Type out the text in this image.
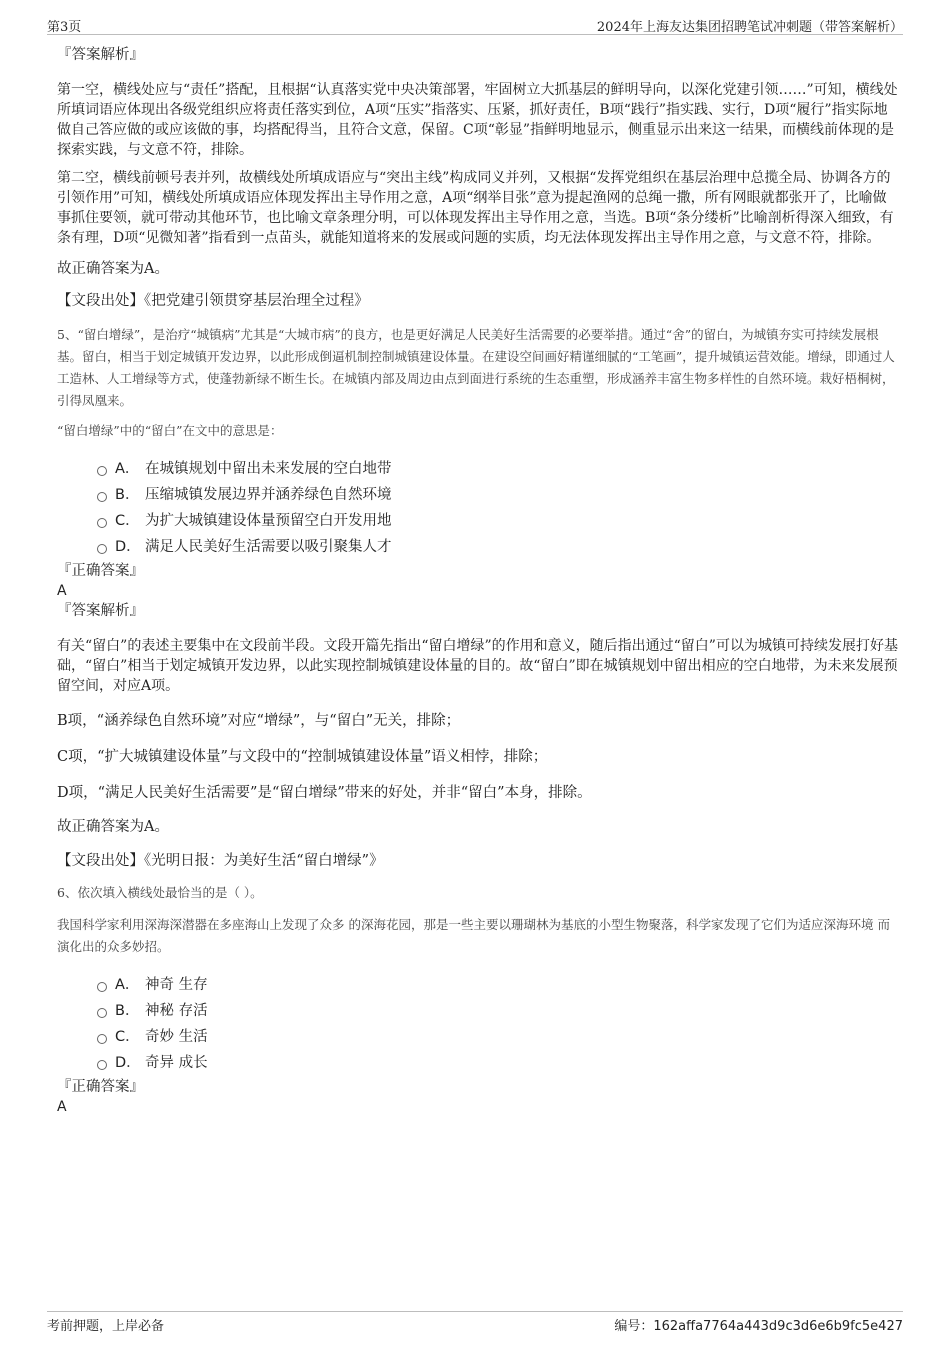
第3页	2024年上海友达集团招聘笔试冲刺题（带答案解析）

『答案解析』

第一空，横线处应与“责任”搭配，且根据“认真落实党中央决策部署，牢固树立大抓基层的鲜明导向，以深化党建引领……”可知，横线处所填词语应体现出各级党组织应将责任落实到位，A项“压实”指落实、压紧，抓好责任，B项“践行”指实践、实行，D项“履行”指实际地做自己答应做的或应该做的事，均搭配得当，且符合文意，保留。C项“彰显”指鲜明地显示，侧重显示出来这一结果，而横线前体现的是探索实践，与文意不符，排除。

第二空，横线前顿号表并列，故横线处所填成语应与“突出主线”构成同义并列，又根据“发挥党组织在基层治理中总揽全局、协调各方的引领作用”可知，横线处所填成语应体现发挥出主导作用之意，A项“纲举目张”意为提起渔网的总绳一撒，所有网眼就都张开了，比喻做事抓住要领，就可带动其他环节，也比喻文章条理分明，可以体现发挥出主导作用之意，当选。B项“条分缕析”比喻剖析得深入细致，有条有理，D项“见微知著”指看到一点苗头，就能知道将来的发展或问题的实质，均无法体现发挥出主导作用之意，与文意不符，排除。

故正确答案为A。

【文段出处】《把党建引领贯穿基层治理全过程》

5、“留白增绿”，是治疗“城镇病”尤其是“大城市病”的良方，也是更好满足人民美好生活需要的必要举措。通过“舍”的留白，为城镇夯实可持续发展根基。留白，相当于划定城镇开发边界，以此形成倒逼机制控制城镇建设体量。在建设空间画好精谨细腻的“工笔画”，提升城镇运营效能。增绿，即通过人工造林、人工增绿等方式，使蓬勃新绿不断生长。在城镇内部及周边由点到面进行系统的生态重塑，形成涵养丰富生物多样性的自然环境。栽好梧桐树，引得凤凰来。

“留白增绿”中的“留白”在文中的意思是：

A． 在城镇规划中留出未来发展的空白地带
B． 压缩城镇发展边界并涵养绿色自然环境
C． 为扩大城镇建设体量预留空白开发用地
D． 满足人民美好生活需要以吸引聚集人才

『正确答案』

A

『答案解析』

有关“留白”的表述主要集中在文段前半段。文段开篇先指出“留白增绿”的作用和意义，随后指出通过“留白”可以为城镇可持续发展打好基础，“留白”相当于划定城镇开发边界，以此实现控制城镇建设体量的目的。故“留白”即在城镇规划中留出相应的空白地带，为未来发展预留空间，对应A项。

B项，“涵养绿色自然环境”对应“增绿”，与“留白”无关，排除；

C项，“扩大城镇建设体量”与文段中的“控制城镇建设体量”语义相悖，排除；

D项，“满足人民美好生活需要”是“留白增绿”带来的好处，并非“留白”本身，排除。

故正确答案为A。

【文段出处】《光明日报：为美好生活“留白增绿”》

6、依次填入横线处最恰当的是（ ）。

我国科学家利用深海深潜器在多座海山上发现了众多 的深海花园，那是一些主要以珊瑚林为基底的小型生物聚落，科学家发现了它们为适应深海环境 而演化出的众多妙招。

A． 神奇 生存
B． 神秘 存活
C． 奇妙 生活
D． 奇异 成长

『正确答案』

A

考前押题，上岸必备	编号：162affa7764a443d9c3d6e6b9fc5e427
